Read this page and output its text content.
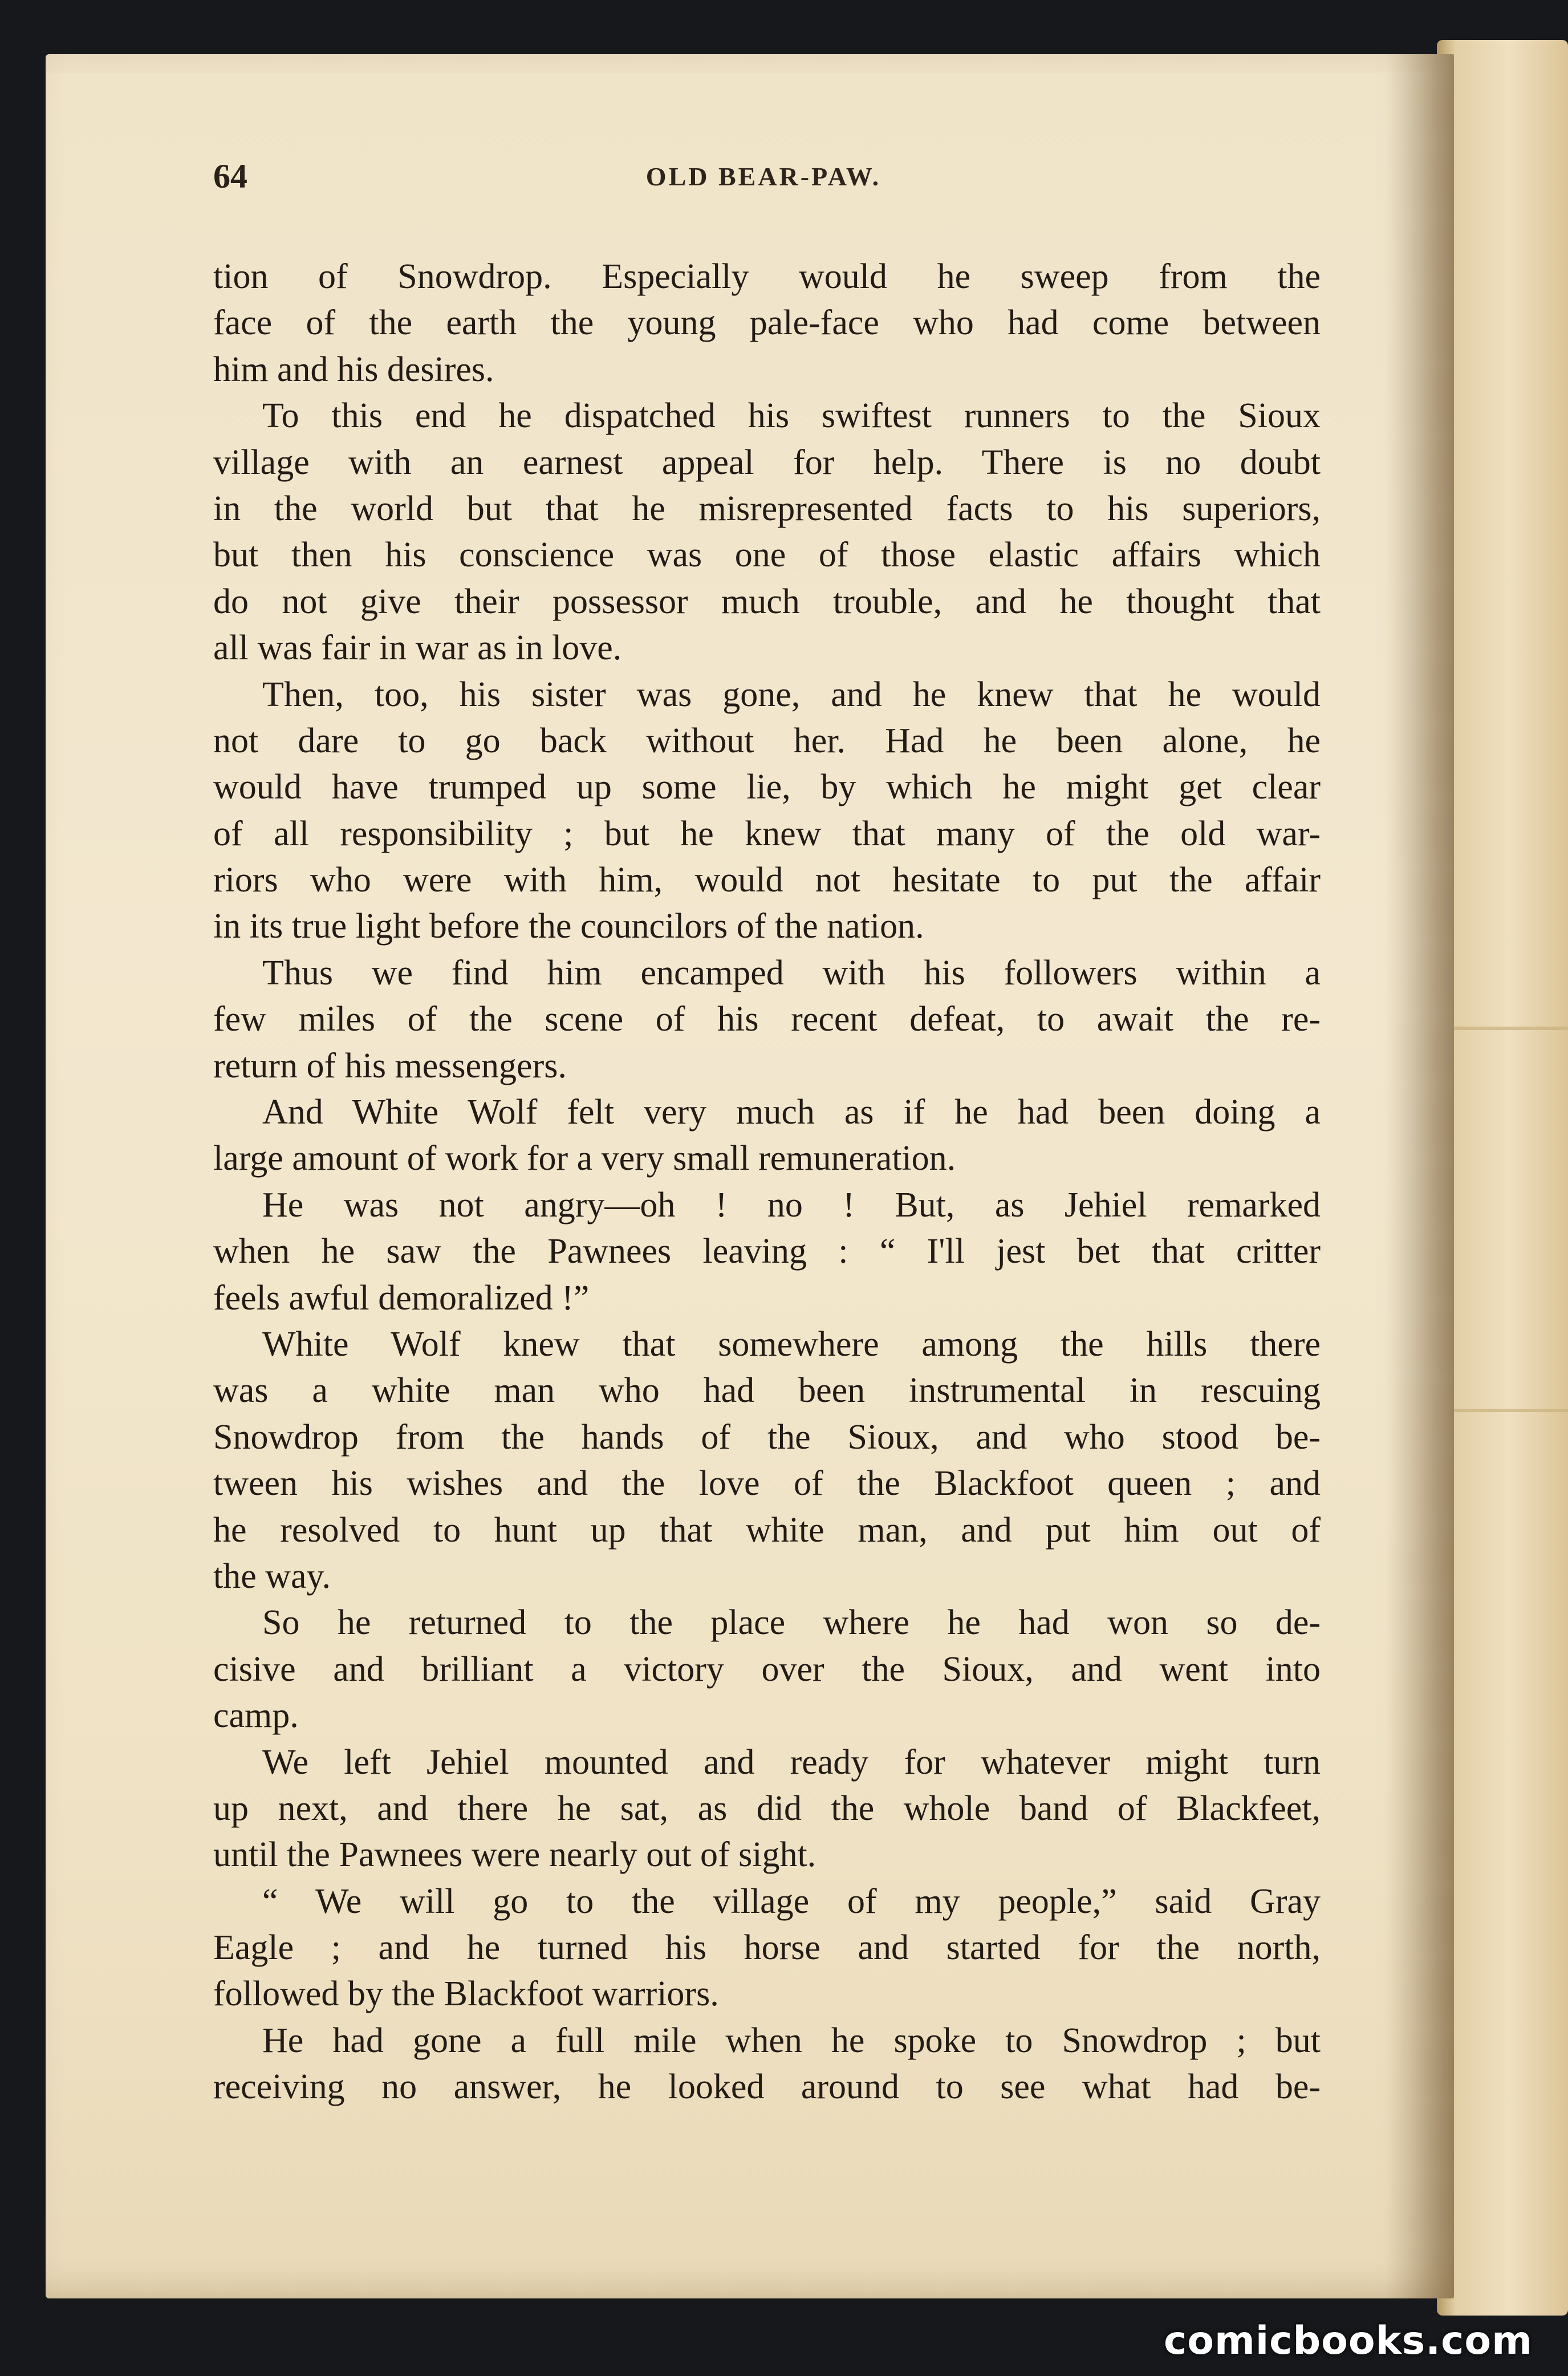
64	OLD BEAR-PAW.
tion of Snowdrop. Especially would he sweep from the
face of the earth the young pale-face who had come between
him and his desires.
To this end he dispatched his swiftest runners to the Sioux
village with an earnest appeal for help. There is no doubt
in the world but that he misrepresented facts to his superiors,
but then his conscience was one of those elastic affairs which
do not give their possessor much trouble, and he thought that
all was fair in war as in love.
Then, too, his sister was gone, and he knew that he would
not dare to go back without her. Had he been alone, he
would have trumped up some lie, by which he might get clear
of all responsibility ; but he knew that many of the old war-
riors who were with him, would not hesitate to put the affair
in its true light before the councilors of the nation.
Thus we find him encamped with his followers within a
few miles of the scene of his recent defeat, to await the re-
return of his messengers.
And White Wolf felt very much as if he had been doing a
large amount of work for a very small remuneration.
He was not angry—oh ! no ! But, as Jehiel remarked
when he saw the Pawnees leaving : “ I'll jest bet that critter
feels awful demoralized !”
White Wolf knew that somewhere among the hills there
was a white man who had been instrumental in rescuing
Snowdrop from the hands of the Sioux, and who stood be-
tween his wishes and the love of the Blackfoot queen ; and
he resolved to hunt up that white man, and put him out of
the way.
So he returned to the place where he had won so de-
cisive and brilliant a victory over the Sioux, and went into
camp.
We left Jehiel mounted and ready for whatever might turn
up next, and there he sat, as did the whole band of Blackfeet,
until the Pawnees were nearly out of sight.
“ We will go to the village of my people,” said Gray
Eagle ; and he turned his horse and started for the north,
followed by the Blackfoot warriors.
He had gone a full mile when he spoke to Snowdrop ; but
receiving no answer, he looked around to see what had be-
comicbooks.com
